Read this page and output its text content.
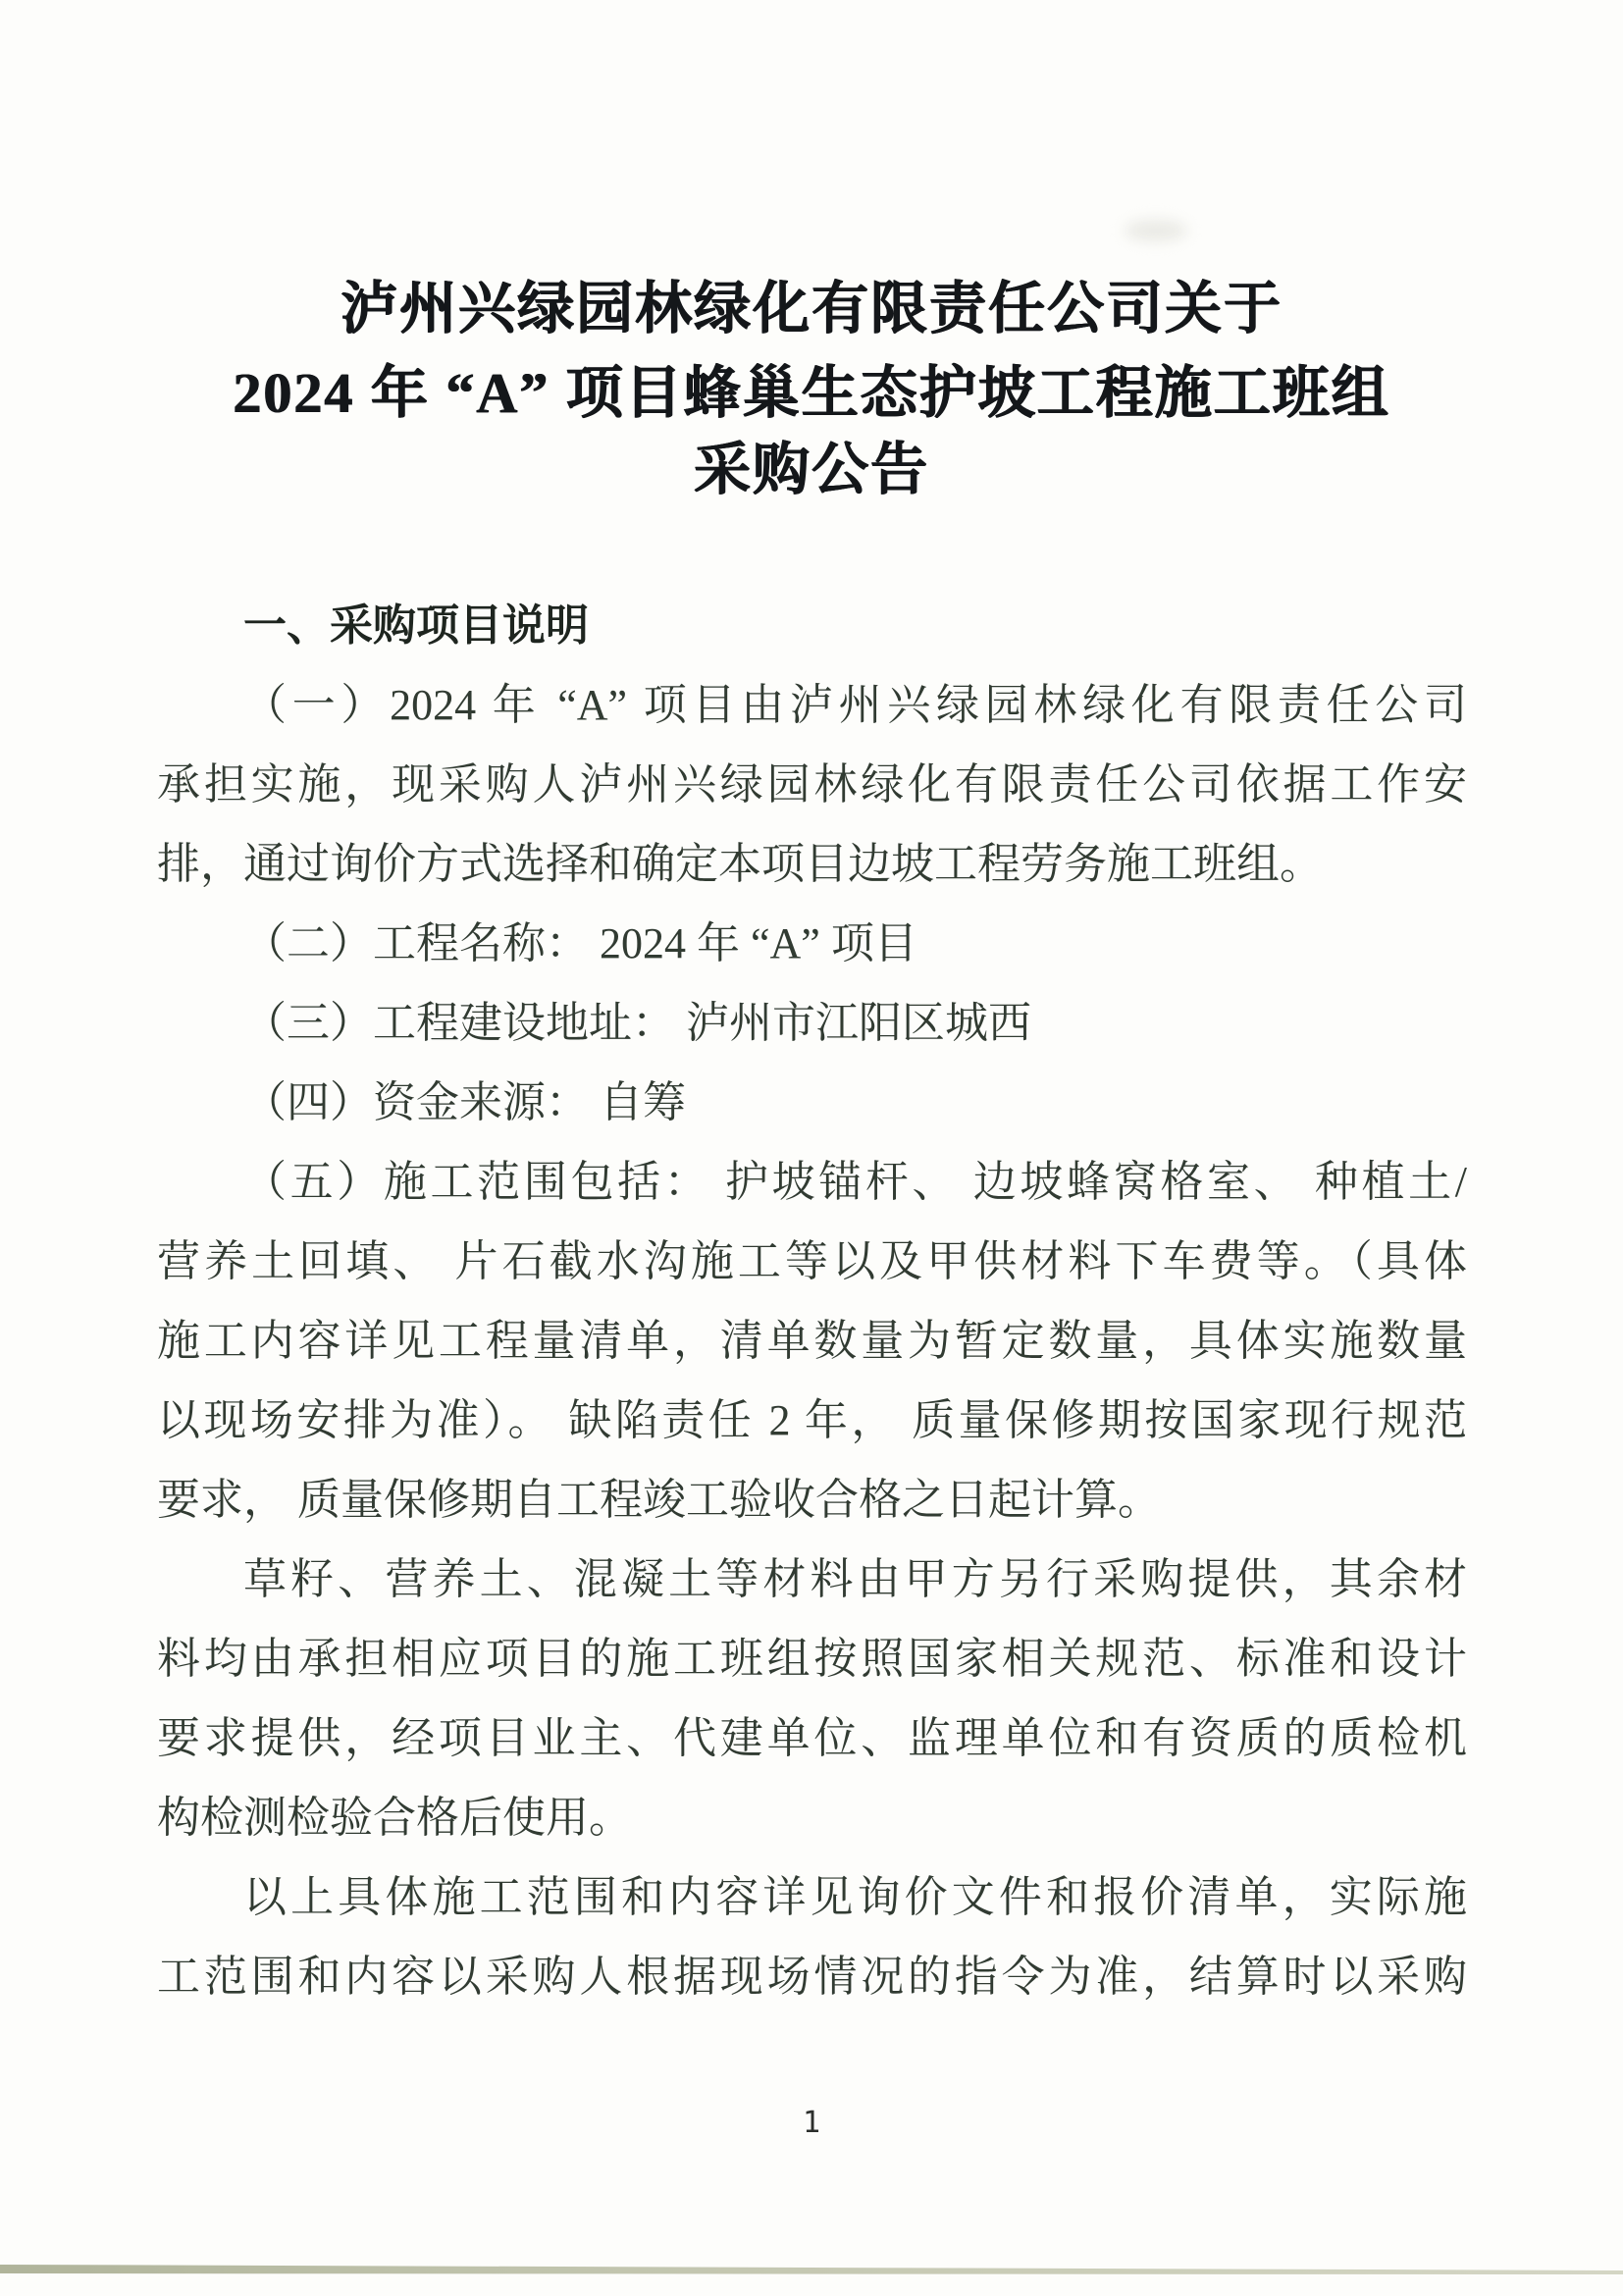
泸州兴绿园林绿化有限责任公司关于
2024 年 “A” 项目蜂巢生态护坡工程施工班组
采购公告
一、采购项目说明
（一）2024 年 “A” 项目由泸州兴绿园林绿化有限责任公司
承担实施，现采购人泸州兴绿园林绿化有限责任公司依据工作安
排，通过询价方式选择和确定本项目边坡工程劳务施工班组。
（二）工程名称： 2024 年 “A” 项目
（三）工程建设地址： 泸州市江阳区城西
（四）资金来源： 自筹
（五）施工范围包括： 护坡锚杆、 边坡蜂窝格室、 种植土/
营养土回填、 片石截水沟施工等以及甲供材料下车费等。（具体
施工内容详见工程量清单，清单数量为暂定数量，具体实施数量
以现场安排为准）。 缺陷责任 2 年， 质量保修期按国家现行规范
要求， 质量保修期自工程竣工验收合格之日起计算。
草籽、营养土、混凝土等材料由甲方另行采购提供，其余材
料均由承担相应项目的施工班组按照国家相关规范、标准和设计
要求提供，经项目业主、代建单位、监理单位和有资质的质检机
构检测检验合格后使用。
以上具体施工范围和内容详见询价文件和报价清单，实际施
工范围和内容以采购人根据现场情况的指令为准，结算时以采购
1
